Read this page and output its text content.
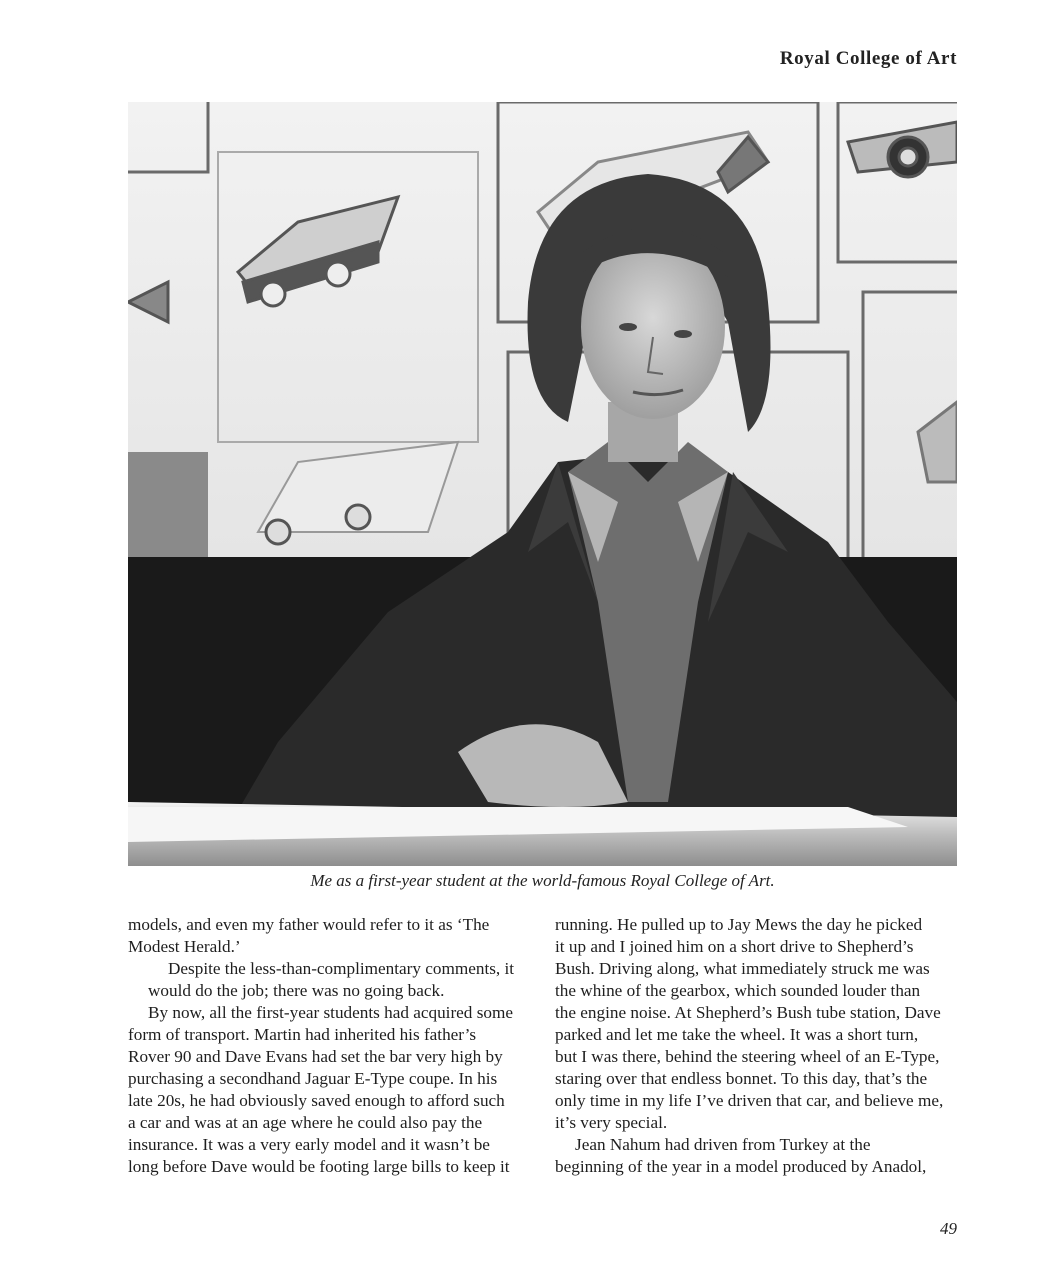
Royal College of Art
Me as a first-year student at the world-famous Royal College of Art.

models, and even my father would refer to it as ‘The
Modest Herald.’

Despite the less-than-complimentary comments, it
would do the job; there was no going back.

By now, all the first-year students had acquired some
form of transport. Martin had inherited his father’s
Rover 90 and Dave Evans had set the bar very high by
purchasing a secondhand Jaguar E-Type coupe. In his
late 20s, he had obviously saved enough to afford such
a car and was at an age where he could also pay the
insurance. It was a very early model and it wasn’t be
long before Dave would be footing large bills to keep it

running. He pulled up to Jay Mews the day he picked
it up and I joined him on a short drive to Shepherd’s
Bush. Driving along, what immediately struck me was
the whine of the gearbox, which sounded louder than
the engine noise. At Shepherd’s Bush tube station, Dave
parked and let me take the wheel. It was a short turn,
but I was there, behind the steering wheel of an E-Type,
staring over that endless bonnet. To this day, that’s the
only time in my life I’ve driven that car, and believe me,
it’s very special.

Jean Nahum had driven from Turkey at the
beginning of the year in a model produced by Anadol,

49
